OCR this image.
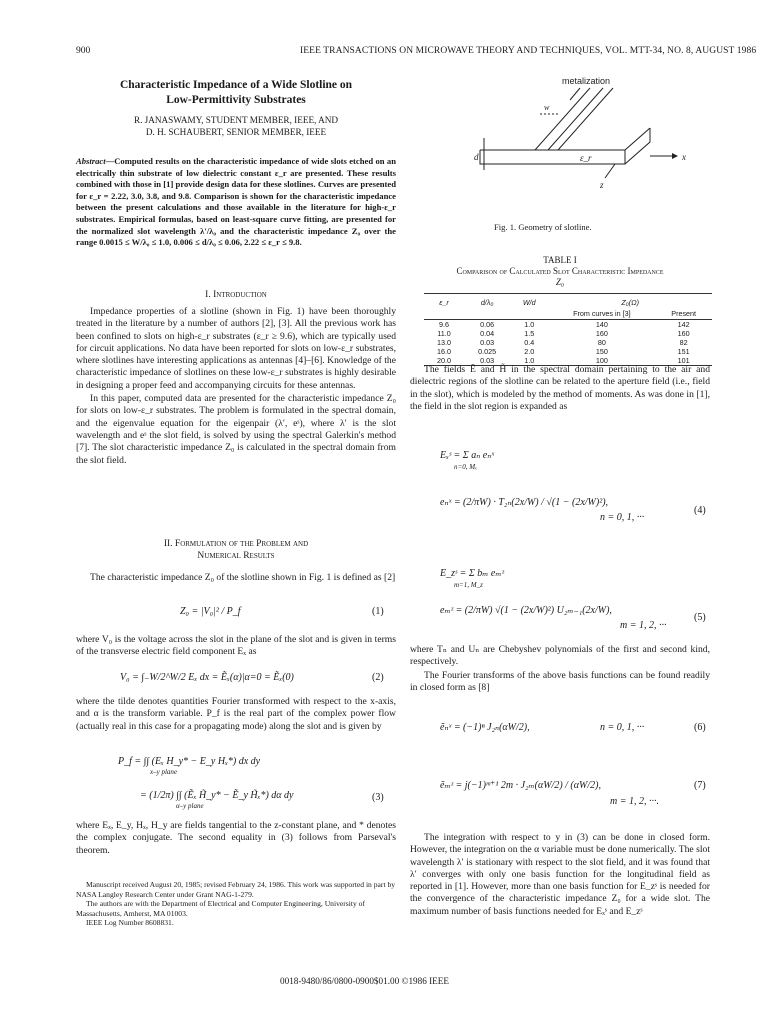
900	IEEE TRANSACTIONS ON MICROWAVE THEORY AND TECHNIQUES, VOL. MTT-34, NO. 8, AUGUST 1986
Characteristic Impedance of a Wide Slotline on
Low-Permittivity Substrates
R. JANASWAMY, STUDENT MEMBER, IEEE, AND
D. H. SCHAUBERT, SENIOR MEMBER, IEEE
Abstract—Computed results on the characteristic impedance of wide slots etched on an electrically thin substrate of low dielectric constant ε_r are presented. These results combined with those in [1] provide design data for these slotlines. Curves are presented for ε_r = 2.22, 3.0, 3.8, and 9.8. Comparison is shown for the characteristic impedance between the present calculations and those available in the literature for high-ε_r substrates. Empirical formulas, based on least-square curve fitting, are presented for the normalized slot wavelength λ′/λ₀ and the characteristic impedance Z₀ over the range 0.0015 ≤ W/λ₀ ≤ 1.0, 0.006 ≤ d/λ₀ ≤ 0.06, 2.22 ≤ ε_r ≤ 9.8.
I. Introduction

Impedance properties of a slotline (shown in Fig. 1) have been thoroughly treated in the literature by a number of authors [2], [3]. All the previous work has been confined to slots on high-ε_r substrates (ε_r ≥ 9.6), which are typically used for circuit applications. No data have been reported for slots on low-ε_r substrates, where slotlines have interesting applications as antennas [4]–[6]. Knowledge of the characteristic impedance of slotlines on these low-ε_r substrates is highly desirable in designing a proper feed and accompanying circuits for these antennas.

In this paper, computed data are presented for the characteristic impedance Z₀ for slots on low-ε_r substrates. The problem is formulated in the spectral domain, and the eigenvalue equation for the eigenpair (λ′, eˢ), where λ′ is the slot wavelength and eˢ the slot field, is solved by using the spectral Galerkin's method [7]. The slot characteristic impedance Z₀ is calculated in the spectral domain from the slot field.

II. Formulation of the Problem and
Numerical Results

The characteristic impedance Z₀ of the slotline shown in Fig. 1 is defined as [2]

Z₀ = |V₀|² / P_f	(1)

where V₀ is the voltage across the slot in the plane of the slot and is given in terms of the transverse electric field component Eₓ as

V₀ = ∫₋W/2^W/2 Eₓ dx = Ẽₓ(α)|α=0 = Ẽₓ(0)	(2)

where the tilde denotes quantities Fourier transformed with respect to the x-axis, and α is the transform variable. P_f is the real part of the complex power flow (actually real in this case for a propagating mode) along the slot and is given by

P_f = ∫∫ (Eₓ H_y* − E_y Hₓ*) dx dy
x–y plane
= (1/2π) ∫∫ (Ẽₓ H̃_y* − Ẽ_y H̃ₓ*) dα dy
α–y plane
(3)

where Eₓ, E_y, Hₓ, H_y are fields tangential to the z-constant plane, and * denotes the complex conjugate. The second equality in (3) follows from Parseval's theorem.

Manuscript received August 20, 1985; revised February 24, 1986. This work was supported in part by NASA Langley Research Center under Grant NAG-1-279.

The authors are with the Department of Electrical and Computer Engineering, University of Massachusetts, Amherst, MA 01003.

IEEE Log Number 8608831.

metalization
w
d	ε_r	x
z
Fig. 1. Geometry of slotline.
TABLE I
Comparison of Calculated Slot Characteristic Impedance
Z₀
ε_r	d/λ₀	W/d	Z₀(Ω)	
			From curves in [3]	Present
9.6	0.06	1.0	140	142
11.0	0.04	1.5	160	160
13.0	0.03	0.4	80	82
16.0	0.025	2.0	150	151
20.0	0.03	1.0	100	101

The fields Ẽ and H̃ in the spectral domain pertaining to the air and dielectric regions of the slotline can be related to the aperture field (i.e., field in the slot), which is modeled by the method of moments. As was done in [1], the field in the slot region is expanded as

Eₓˢ = Σ aₙ eₙˣ
n=0, Mₓ
eₙˣ = (2/πW) · T₂ₙ(2x/W) / √(1 − (2x/W)²),
n = 0, 1, ···
(4)
E_zˢ = Σ bₘ eₘᶻ
m=1, M_z
eₘᶻ = (2/πW) √(1 − (2x/W)²) U₂ₘ₋₁(2x/W),
m = 1, 2, ···
(5)

where Tₙ and Uₙ are Chebyshev polynomials of the first and second kind, respectively.

The Fourier transforms of the above basis functions can be found readily in closed form as [8]

ẽₙˣ = (−1)ⁿ J₂ₙ(αW/2),	n = 0, 1, ···	(6)
ẽₘᶻ = j(−1)ᵐ⁺¹ 2m · J₂ₘ(αW/2) / (αW/2),
m = 1, 2, ···.
(7)

The integration with respect to y in (3) can be done in closed form. However, the integration on the α variable must be done numerically. The slot wavelength λ′ is stationary with respect to the slot field, and it was found that λ′ converges with only one basis function for the longitudinal field as reported in [1]. However, more than one basis function for E_zˢ is needed for the convergence of the characteristic impedance Z₀ for a wide slot. The maximum number of basis functions needed for Eₓˢ and E_zˢ

0018-9480/86/0800-0900$01.00 ©1986 IEEE
